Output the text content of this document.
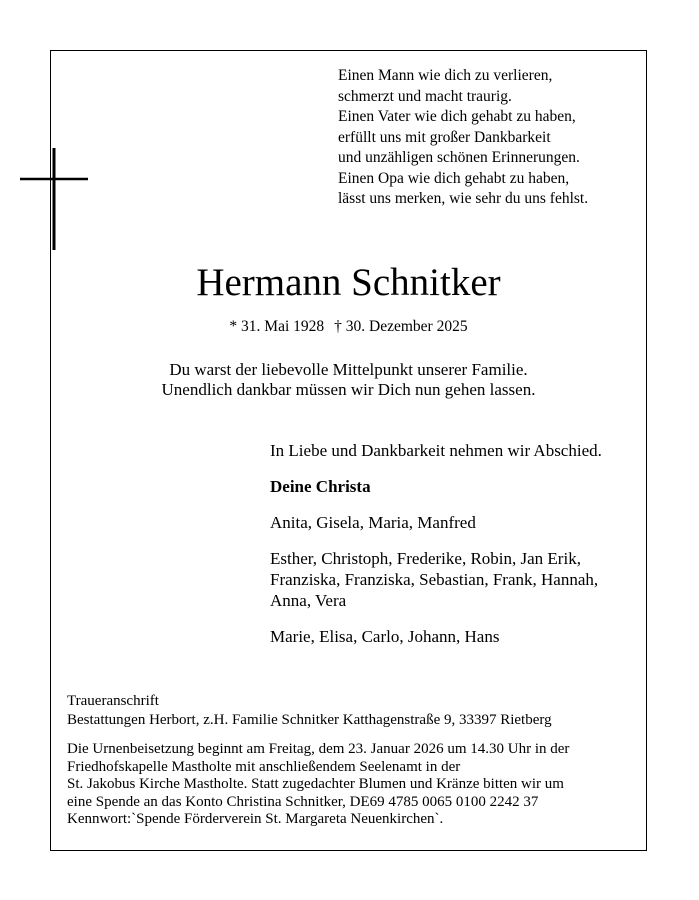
Einen Mann wie dich zu verlieren,
schmerzt und macht traurig.
Einen Vater wie dich gehabt zu haben,
erfüllt uns mit großer Dankbarkeit
und unzähligen schönen Erinnerungen.
Einen Opa wie dich gehabt zu haben,
lässt uns merken, wie sehr du uns fehlst.
Hermann Schnitker
* 31. Mai 1928 † 30. Dezember 2025
Du warst der liebevolle Mittelpunkt unserer Familie.
Unendlich dankbar müssen wir Dich nun gehen lassen.
In Liebe und Dankbarkeit nehmen wir Abschied.
Deine Christa
Anita, Gisela, Maria, Manfred
Esther, Christoph, Frederike, Robin, Jan Erik,
Franziska, Franziska, Sebastian, Frank, Hannah,
Anna, Vera
Marie, Elisa, Carlo, Johann, Hans
Traueranschrift
Bestattungen Herbort, z.H. Familie Schnitker Katthagenstraße 9, 33397 Rietberg
Die Urnenbeisetzung beginnt am Freitag, dem 23. Januar 2026 um 14.30 Uhr in der
Friedhofskapelle Mastholte mit anschließendem Seelenamt in der
St. Jakobus Kirche Mastholte. Statt zugedachter Blumen und Kränze bitten wir um
eine Spende an das Konto Christina Schnitker, DE69 4785 0065 0100 2242 37
Kennwort:`Spende Förderverein St. Margareta Neuenkirchen`.
